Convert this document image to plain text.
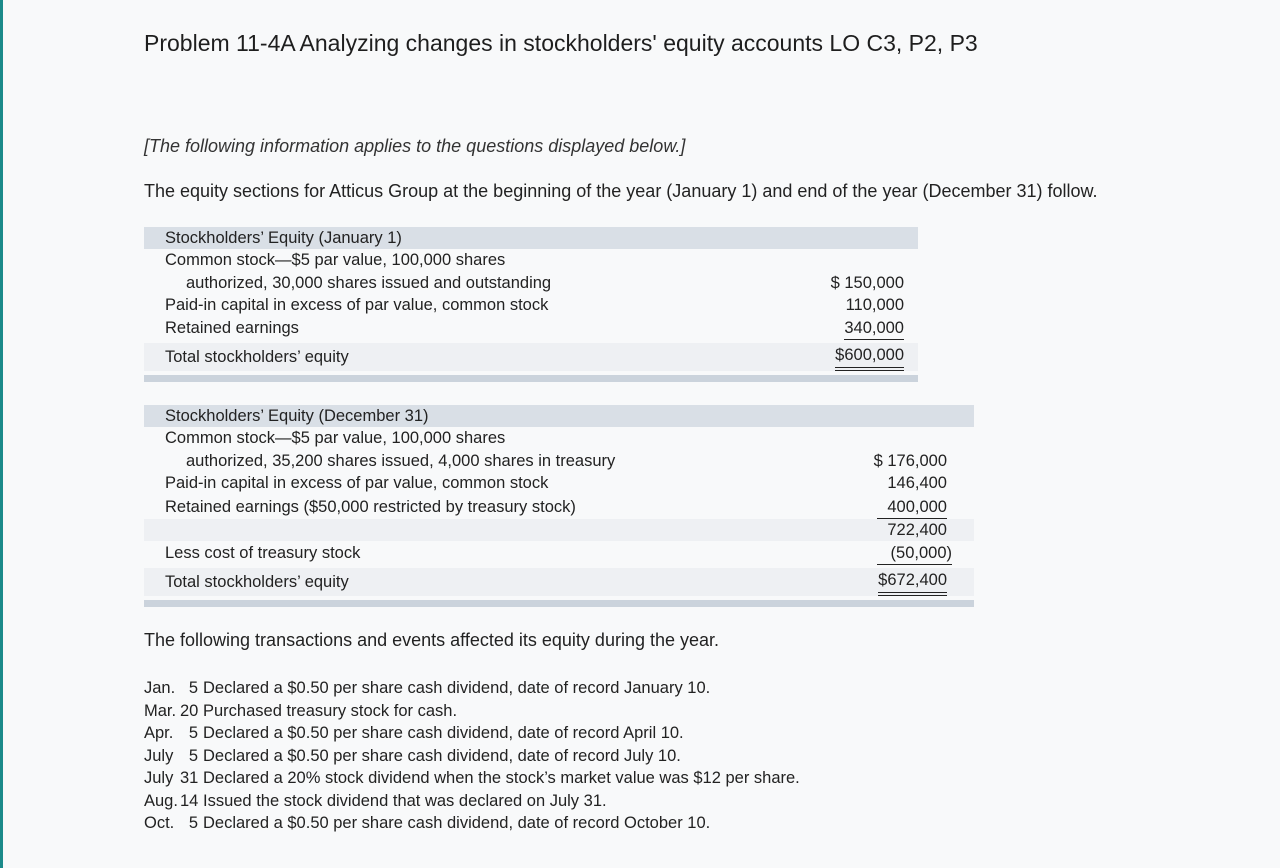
Problem 11-4A Analyzing changes in stockholders' equity accounts LO C3, P2, P3
[The following information applies to the questions displayed below.]
The equity sections for Atticus Group at the beginning of the year (January 1) and end of the year (December 31) follow.
Stockholders’ Equity (January 1)
Common stock—$5 par value, 100,000 shares
authorized, 30,000 shares issued and outstanding	$ 150,000
Paid-in capital in excess of par value, common stock	110,000
Retained earnings	340,000
Total stockholders’ equity	$600,000
Stockholders’ Equity (December 31)
Common stock—$5 par value, 100,000 shares
authorized, 35,200 shares issued, 4,000 shares in treasury	$ 176,000
Paid-in capital in excess of par value, common stock	146,400
Retained earnings ($50,000 restricted by treasury stock)	400,000
722,400
Less cost of treasury stock	(50,000)
Total stockholders’ equity	$672,400
The following transactions and events affected its equity during the year.
Jan. 5 Declared a $0.50 per share cash dividend, date of record January 10.
Mar. 20 Purchased treasury stock for cash.
Apr. 5 Declared a $0.50 per share cash dividend, date of record April 10.
July 5 Declared a $0.50 per share cash dividend, date of record July 10.
July 31 Declared a 20% stock dividend when the stock’s market value was $12 per share.
Aug. 14 Issued the stock dividend that was declared on July 31.
Oct. 5 Declared a $0.50 per share cash dividend, date of record October 10.
